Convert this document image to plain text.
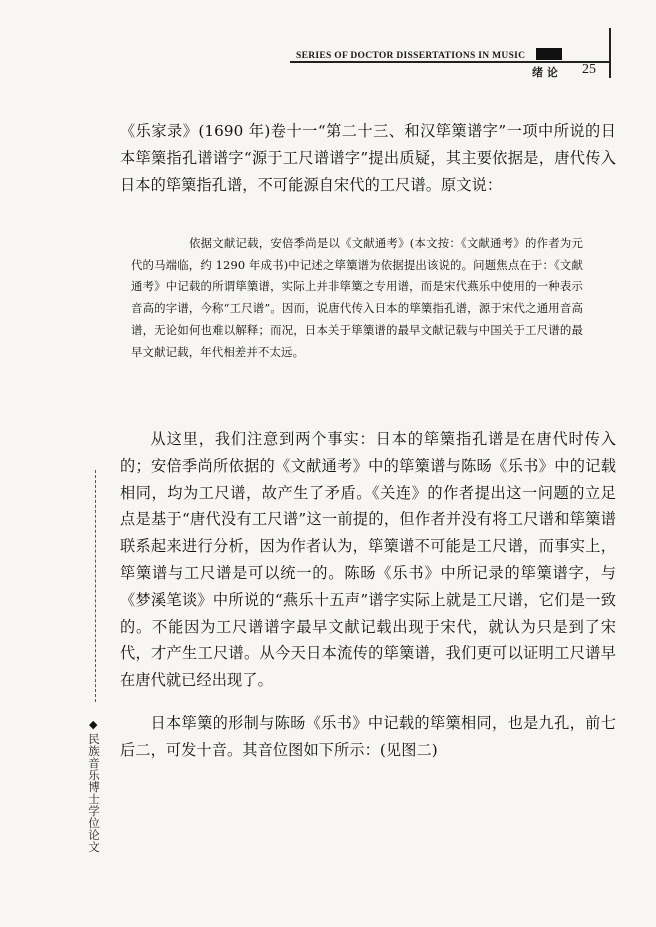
SERIES OF DOCTOR DISSERTATIONS IN MUSIC
绪 论 25

《乐家录》(1690 年)卷十一“第二十三、和汉筚篥谱字”一项中所说的日本筚篥指孔谱谱字“源于工尺谱谱字”提出质疑，其主要依据是，唐代传入日本的筚篥指孔谱，不可能源自宋代的工尺谱。原文说：

依据文献记载，安倍季尚是以《文献通考》(本文按：《文献通考》的作者为元代的马端临，约 1290 年成书)中记述之筚篥谱为依据提出该说的。问题焦点在于：《文献通考》中记载的所谓筚篥谱，实际上并非筚篥之专用谱，而是宋代燕乐中使用的一种表示音高的字谱，今称“工尺谱”。因而，说唐代传入日本的筚篥指孔谱，源于宋代之通用音高谱，无论如何也难以解释；而况，日本关于筚篥谱的最早文献记载与中国关于工尺谱的最早文献记载，年代相差并不太远。

从这里，我们注意到两个事实：日本的筚篥指孔谱是在唐代时传入的；安倍季尚所依据的《文献通考》中的筚篥谱与陈旸《乐书》中的记载相同，均为工尺谱，故产生了矛盾。《关连》的作者提出这一问题的立足点是基于“唐代没有工尺谱”这一前提的，但作者并没有将工尺谱和筚篥谱联系起来进行分析，因为作者认为，筚篥谱不可能是工尺谱，而事实上，筚篥谱与工尺谱是可以统一的。陈旸《乐书》中所记录的筚篥谱字，与《梦溪笔谈》中所说的“燕乐十五声”谱字实际上就是工尺谱，它们是一致的。不能因为工尺谱谱字最早文献记载出现于宋代，就认为只是到了宋代，才产生工尺谱。从今天日本流传的筚篥谱，我们更可以证明工尺谱早在唐代就已经出现了。

日本筚篥的形制与陈旸《乐书》中记载的筚篥相同，也是九孔，前七后二，可发十音。其音位图如下所示：(见图二)

◆
民族音乐博士学位论文
